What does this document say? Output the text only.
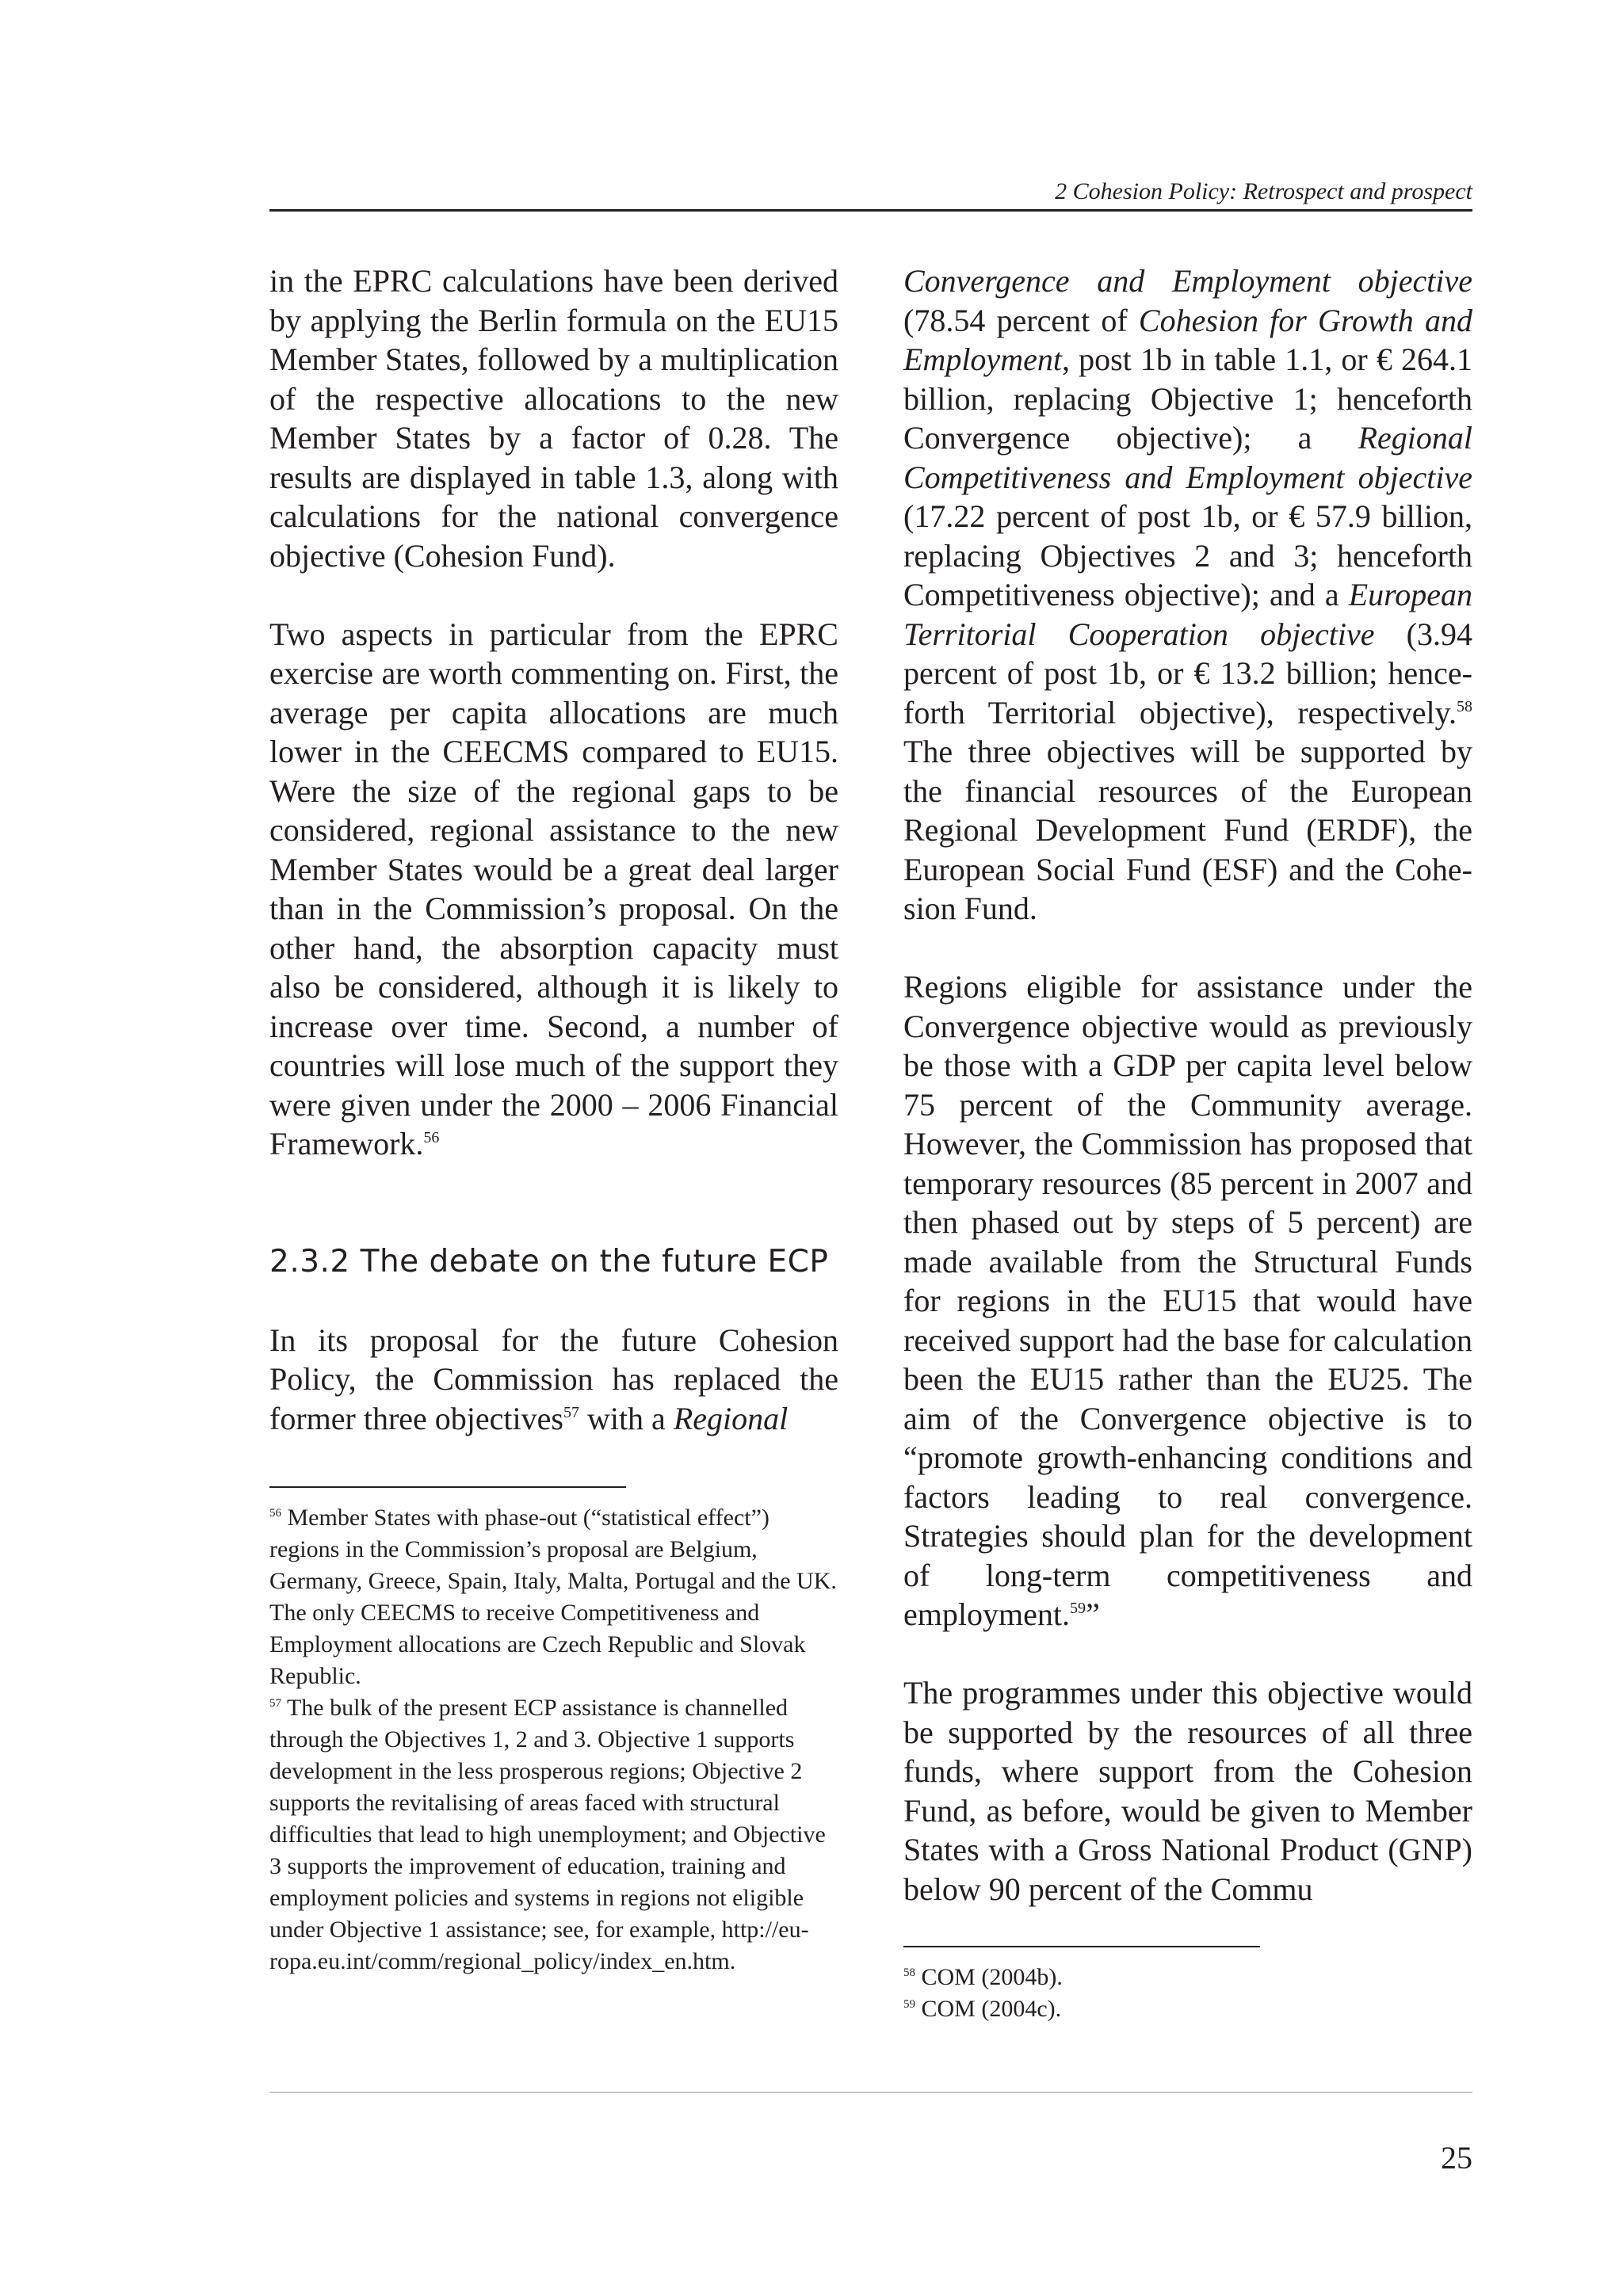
2 Cohesion Policy: Retrospect and prospect

in the EPRC calculations have been derived by applying the Berlin formula on the EU15 Member States, followed by a multiplication of the respective allocations to the new Member States by a factor of 0.28. The results are displayed in table 1.3, along with calculations for the national convergence objective (Cohesion Fund).

Two aspects in particular from the EPRC exercise are worth commenting on. First, the average per capita allocations are much lower in the CEECMS compared to EU15. Were the size of the regional gaps to be considered, regional assistance to the new Member States would be a great deal larger than in the Commission’s proposal. On the other hand, the absorption capacity must also be considered, although it is likely to increase over time. Second, a number of countries will lose much of the support they were given under the 2000 – 2006 Financial Framework.$^{56}$

2.3.2 The debate on the future ECP

In its proposal for the future Cohesion Policy, the Commission has replaced the former three objectives$^{57}$ with a Regional

Convergence and Employment objective (78.54 percent of Cohesion for Growth and Employment, post 1b in table 1.1, or € 264.1 billion, replacing Objective 1; henceforth Convergence objective); a Regional Competitiveness and Employment objective (17.22 percent of post 1b, or € 57.9 billion, replacing Objectives 2 and 3; henceforth Competitiveness objective); and a European Territorial Cooperation objective (3.94 percent of post 1b, or € 13.2 billion; henceforth Territorial objective), respectively.$^{58}$ The three objectives will be supported by the financial resources of the European Regional Development Fund (ERDF), the European Social Fund (ESF) and the Cohesion Fund.

Regions eligible for assistance under the Convergence objective would as previously be those with a GDP per capita level below 75 percent of the Community average. However, the Commission has proposed that temporary resources (85 percent in 2007 and then phased out by steps of 5 percent) are made available from the Structural Funds for regions in the EU15 that would have received support had the base for calculation been the EU15 rather than the EU25. The aim of the Convergence objective is to “promote growth-enhancing conditions and factors leading to real convergence. Strategies should plan for the development of long-term competitiveness and employment.$^{59}$”

The programmes under this objective would be supported by the resources of all three funds, where support from the Cohesion Fund, as before, would be given to Member States with a Gross National Product (GNP) below 90 percent of the Commu

$^{56}$ Member States with phase-out (“statistical effect”) regions in the Commission’s proposal are Belgium, Germany, Greece, Spain, Italy, Malta, Portugal and the UK. The only CEECMS to receive Competitiveness and Employment allocations are Czech Republic and Slovak Republic.

$^{57}$ The bulk of the present ECP assistance is channelled through the Objectives 1, 2 and 3. Objective 1 supports development in the less prosperous regions; Objective 2 supports the revitalising of areas faced with structural difficulties that lead to high unemployment; and Objective 3 supports the improvement of education, training and employment policies and systems in regions not eligible under Objective 1 assistance; see, for example, http://europa.eu.int/comm/regional_policy/index_en.htm.	$^{58}$ COM (2004b).

$^{59}$ COM (2004c).

25
